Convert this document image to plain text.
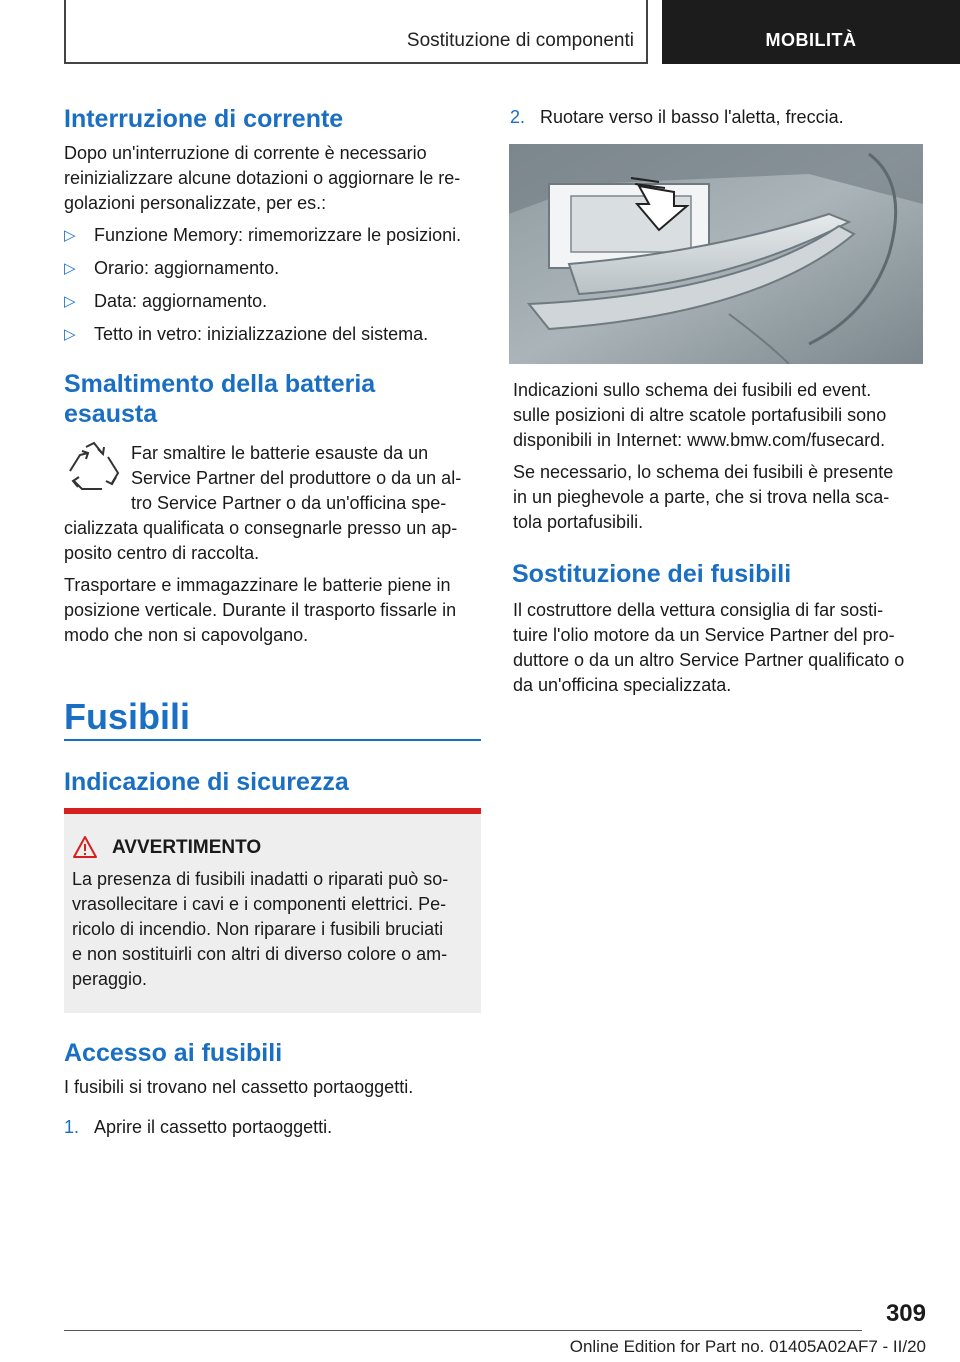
Sostituzione di componenti	MOBILITÀ
Interruzione di corrente

Dopo un'interruzione di corrente è necessario

reinizializzare alcune dotazioni o aggiornare le re-

golazioni personalizzate, per es.:

▷	Funzione Memory: rimemorizzare le posizioni.
▷	Orario: aggiornamento.
▷	Data: aggiornamento.
▷	Tetto in vetro: inizializzazione del sistema.
Smaltimento della batteria
esausta

Far smaltire le batterie esauste da un

Service Partner del produttore o da un al-

tro Service Partner o da un'officina spe-

cializzata qualificata o consegnarle presso un ap-

posito centro di raccolta.

Trasportare e immagazzinare le batterie piene in

posizione verticale. Durante il trasporto fissarle in

modo che non si capovolgano.

Fusibili
Indicazione di sicurezza
AVVERTIMENTO

La presenza di fusibili inadatti o riparati può so-

vrasollecitare i cavi e i componenti elettrici. Pe-

ricolo di incendio. Non riparare i fusibili bruciati

e non sostituirli con altri di diverso colore o am-

peraggio.

Accesso ai fusibili

I fusibili si trovano nel cassetto portaoggetti.

1. Aprire il cassetto portaoggetti.
2. Ruotare verso il basso l'aletta, freccia.

Indicazioni sullo schema dei fusibili ed event.

sulle posizioni di altre scatole portafusibili sono

disponibili in Internet: www.bmw.com/fusecard.

Se necessario, lo schema dei fusibili è presente

in un pieghevole a parte, che si trova nella sca-

tola portafusibili.

Sostituzione dei fusibili

Il costruttore della vettura consiglia di far sosti-

tuire l'olio motore da un Service Partner del pro-

duttore o da un altro Service Partner qualificato o

da un'officina specializzata.

309
Online Edition for Part no. 01405A02AF7 - II/20
